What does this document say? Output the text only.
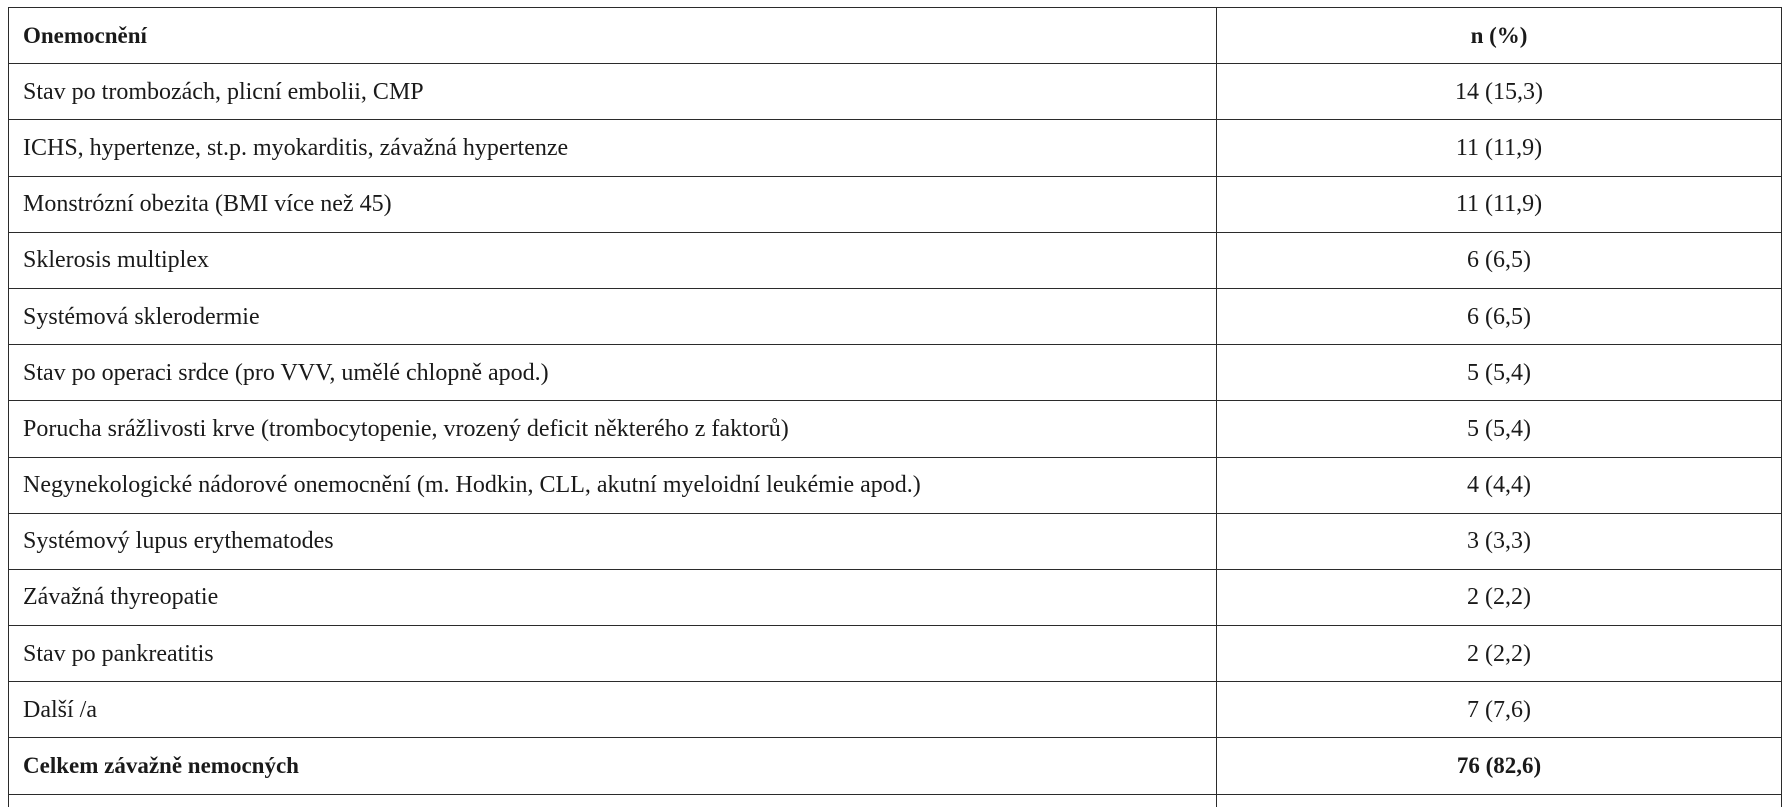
Onemocnění	n (%)
Stav po trombozách, plicní embolii, CMP	14 (15,3)
ICHS, hypertenze, st.p. myokarditis, závažná hypertenze	11 (11,9)
Monstrózní obezita (BMI více než 45)	11 (11,9)
Sklerosis multiplex	6 (6,5)
Systémová sklerodermie	6 (6,5)
Stav po operaci srdce (pro VVV, umělé chlopně apod.)	5 (5,4)
Porucha srážlivosti krve (trombocytopenie, vrozený deficit některého z faktorů)	5 (5,4)
Negynekologické nádorové onemocnění (m. Hodkin, CLL, akutní myeloidní leukémie apod.)	4 (4,4)
Systémový lupus erythematodes	3 (3,3)
Závažná thyreopatie	2 (2,2)
Stav po pankreatitis	2 (2,2)
Další /a	7 (7,6)
Celkem závažně nemocných	76 (82,6)
